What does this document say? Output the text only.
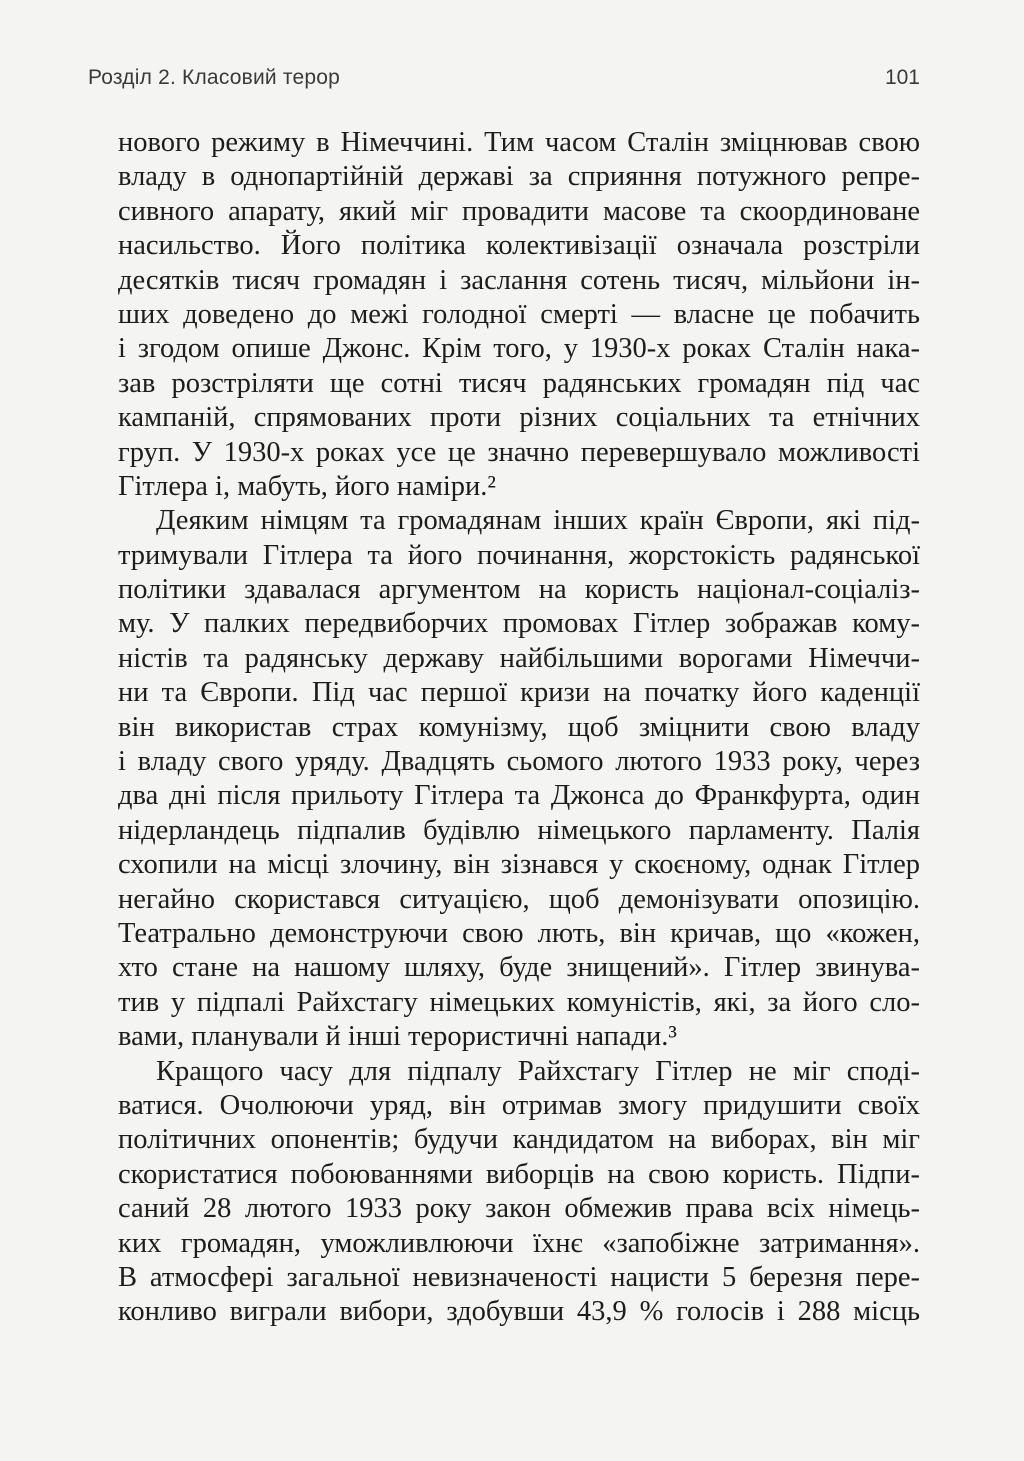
Розділ 2. Класовий терор	101
нового режиму в Німеччині. Тим часом Сталін зміцнював свою
владу в однопартійній державі за сприяння потужного репре-
сивного апарату, який міг провадити масове та скоординоване
насильство. Його політика колективізації означала розстріли
десятків тисяч громадян і заслання сотень тисяч, мільйони ін-
ших доведено до межі голодної смерті — власне це побачить
і згодом опише Джонс. Крім того, у 1930-х роках Сталін нака-
зав розстріляти ще сотні тисяч радянських громадян під час
кампаній, спрямованих проти різних соціальних та етнічних
груп. У 1930-х роках усе це значно перевершувало можливості
Гітлера і, мабуть, його наміри.²
Деяким німцям та громадянам інших країн Європи, які під-
тримували Гітлера та його починання, жорстокість радянської
політики здавалася аргументом на користь націонал-соціаліз-
му. У палких передвиборчих промовах Гітлер зображав кому-
ністів та радянську державу найбільшими ворогами Німеччи-
ни та Європи. Під час першої кризи на початку його каденції
він використав страх комунізму, щоб зміцнити свою владу
і владу свого уряду. Двадцять сьомого лютого 1933 року, через
два дні після прильоту Гітлера та Джонса до Франкфурта, один
нідерландець підпалив будівлю німецького парламенту. Палія
схопили на місці злочину, він зізнався у скоєному, однак Гітлер
негайно скористався ситуацією, щоб демонізувати опозицію.
Театрально демонструючи свою лють, він кричав, що «кожен,
хто стане на нашому шляху, буде знищений». Гітлер звинува-
тив у підпалі Райхстагу німецьких комуністів, які, за його сло-
вами, планували й інші терористичні напади.³
Кращого часу для підпалу Райхстагу Гітлер не міг споді-
ватися. Очолюючи уряд, він отримав змогу придушити своїх
політичних опонентів; будучи кандидатом на виборах, він міг
скористатися побоюваннями виборців на свою користь. Підпи-
саний 28 лютого 1933 року закон обмежив права всіх німець-
ких громадян, уможливлюючи їхнє «запобіжне затримання».
В атмосфері загальної невизначеності нацисти 5 березня пере-
конливо виграли вибори, здобувши 43,9 % голосів і 288 місць
